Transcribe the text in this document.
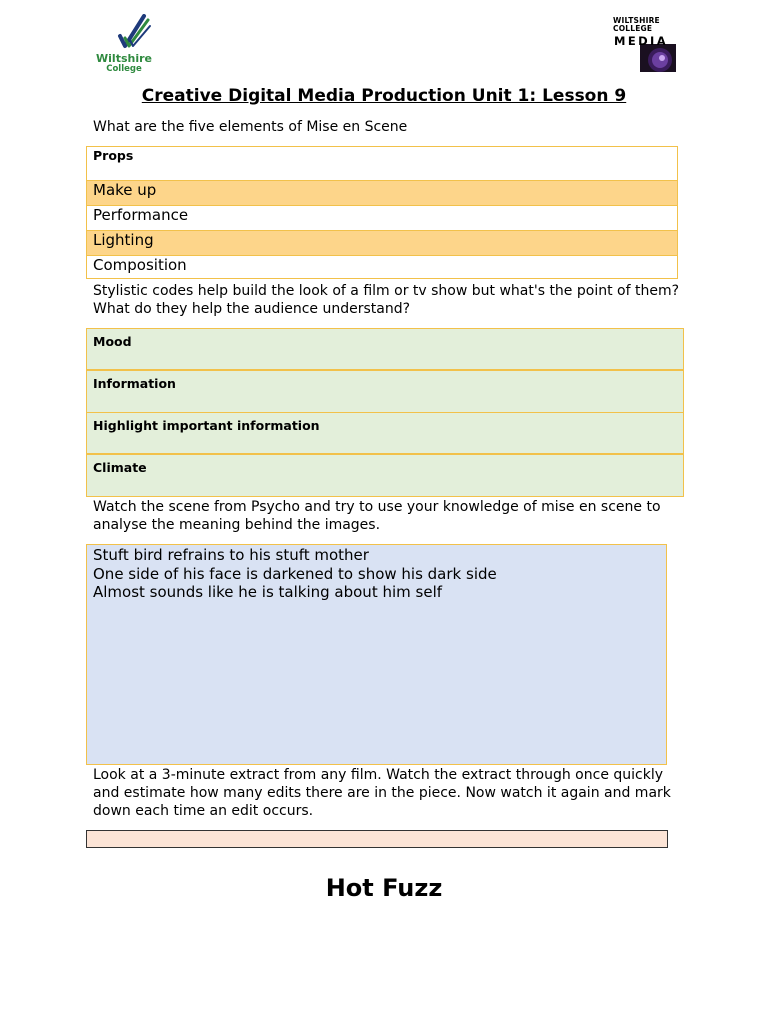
Wiltshire
College
WILTSHIRE
COLLEGE
MEDIA
Creative Digital Media Production Unit 1: Lesson 9
What are the five elements of Mise en Scene
Props
Make up
Performance
Lighting
Composition
Stylistic codes help build the look of a film or tv show but what's the point of them? What do they help the audience understand?
Mood
Information
Highlight important information
Climate
Watch the scene from Psycho and try to use your knowledge of mise en scene to analyse the meaning behind the images.
Stuft bird refrains to his stuft mother
One side of his face is darkened to show his dark side
Almost sounds like he is talking about him self
Look at a 3-minute extract from any film. Watch the extract through once quickly and estimate how many edits there are in the piece. Now watch it again and mark down each time an edit occurs.
Hot Fuzz
